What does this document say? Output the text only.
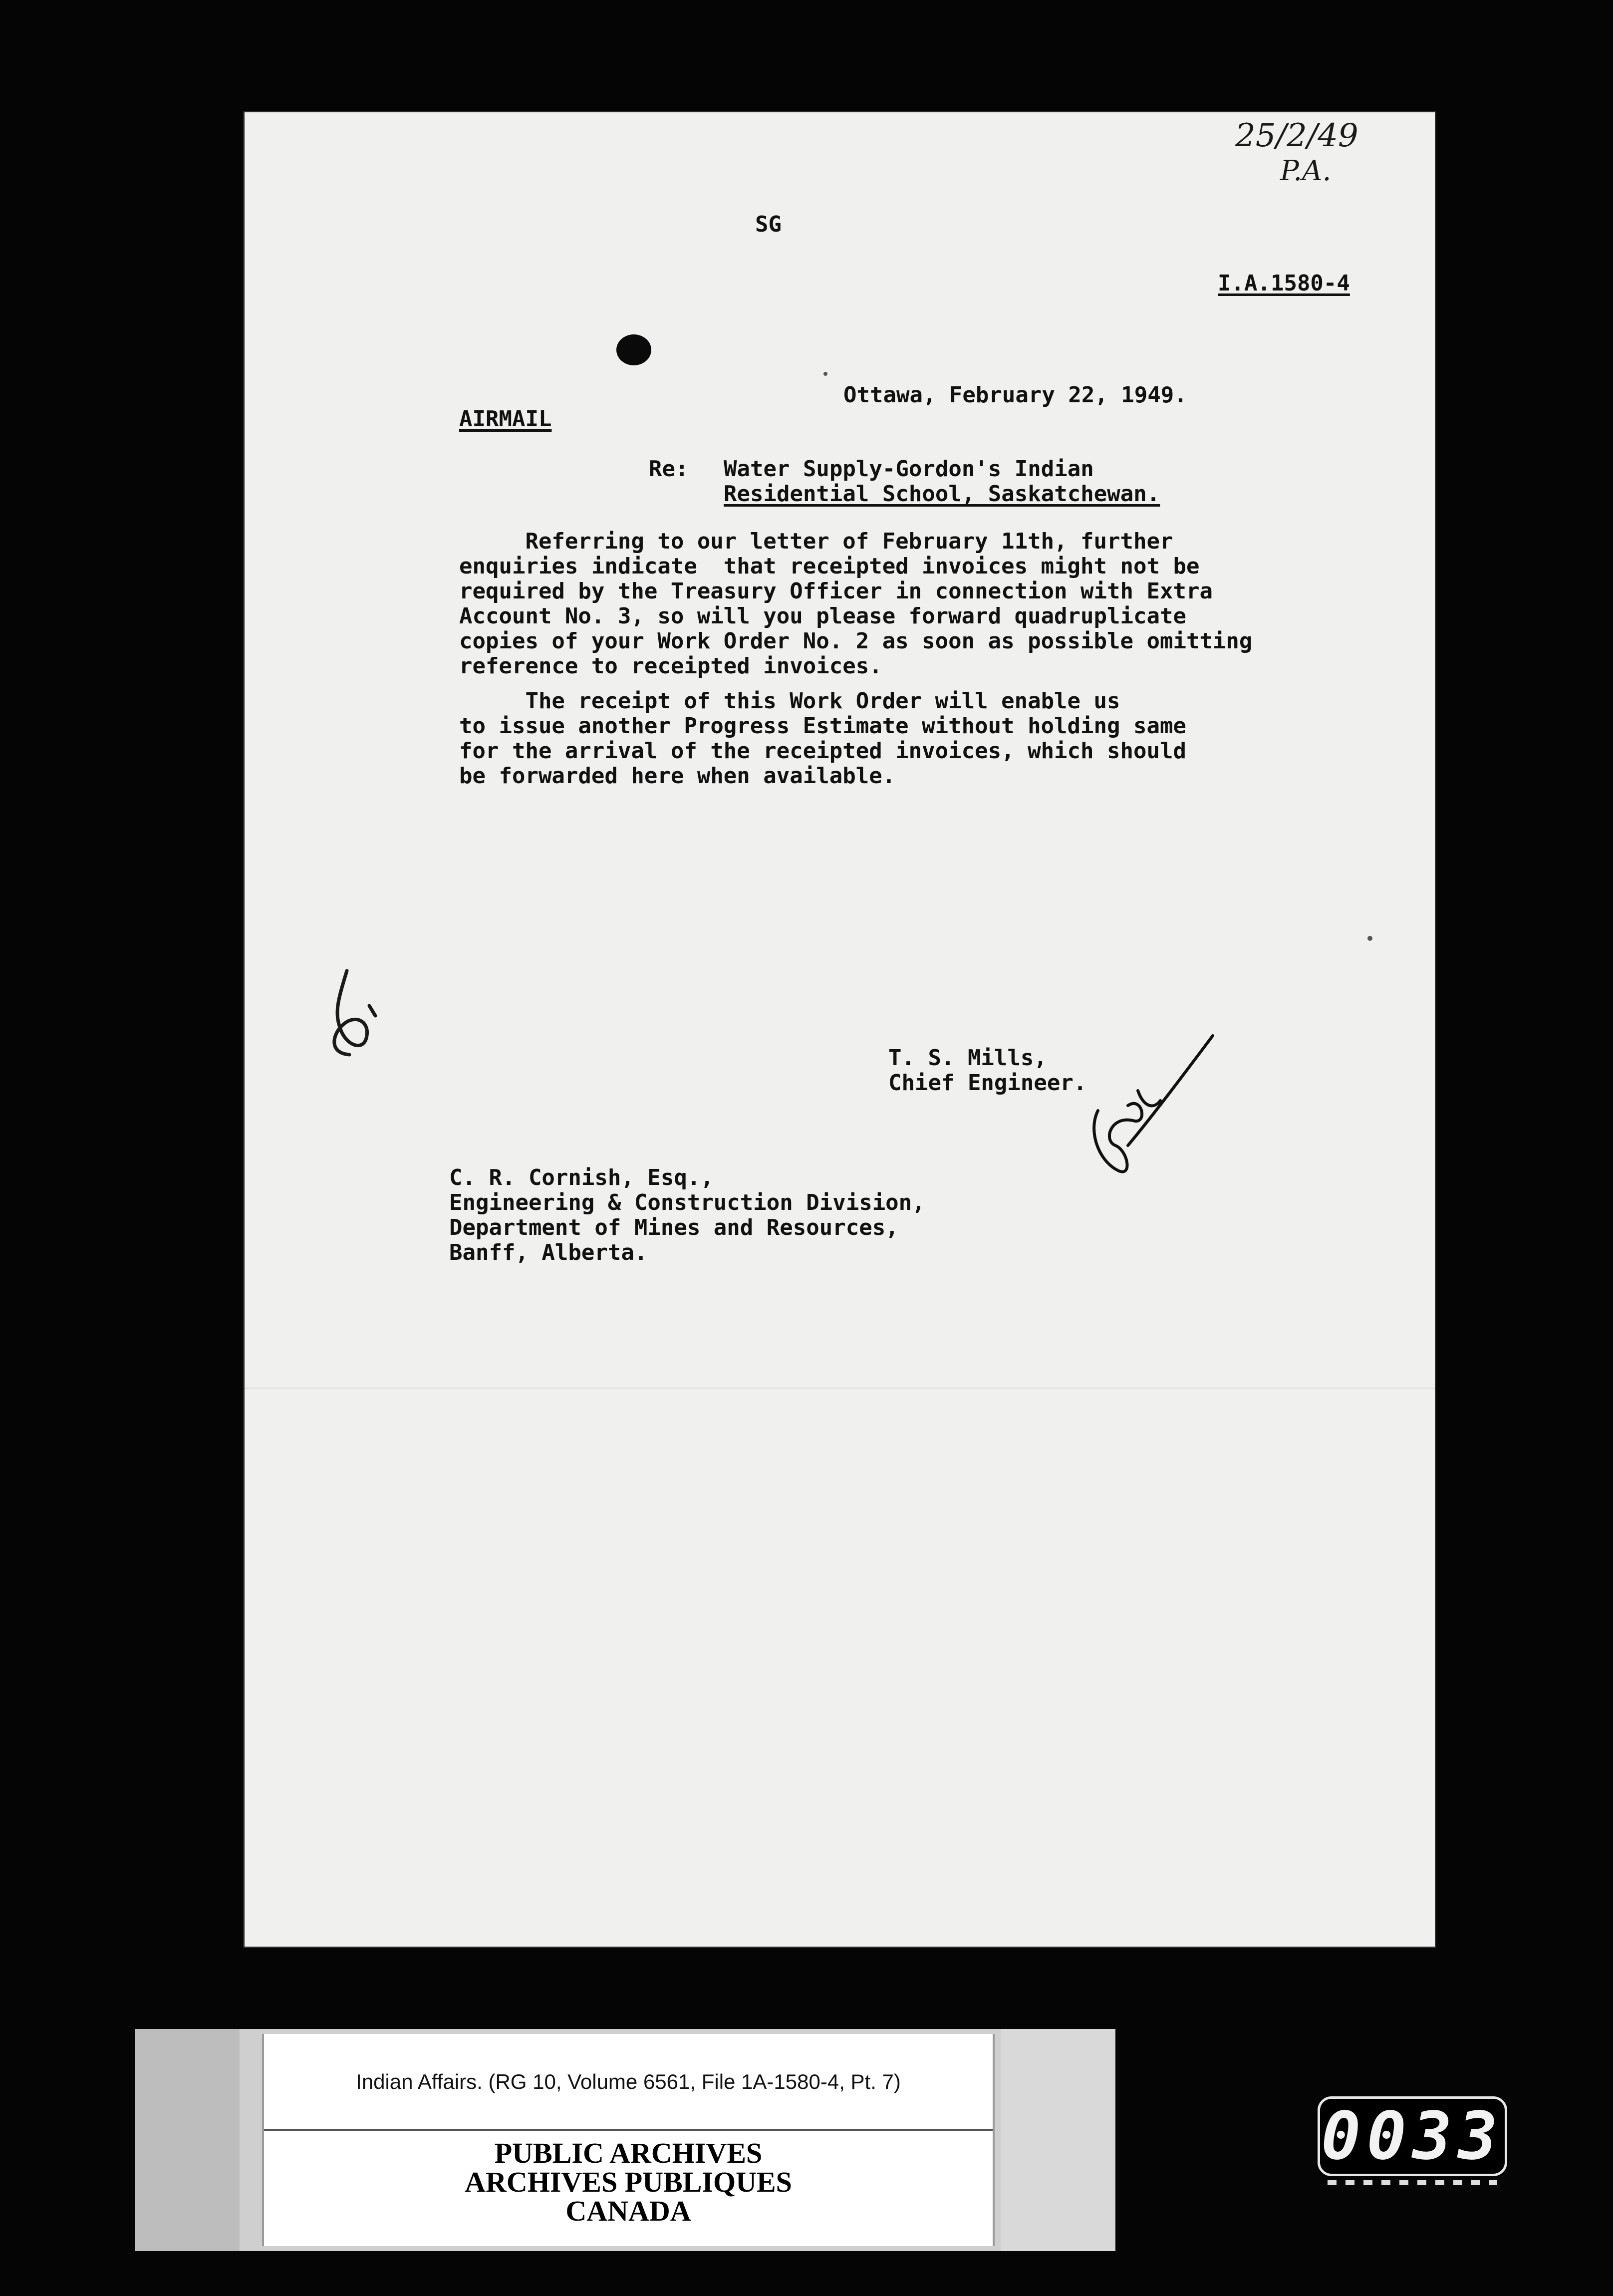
25/2/49
P.A.

SG

I.A.1580-4

Ottawa, February 22, 1949.

AIRMAIL

Re: Water Supply-Gordon's Indian

Residential School, Saskatchewan.

Referring to our letter of February 11th, further

enquiries indicate  that receipted invoices might not be

required by the Treasury Officer in connection with Extra

Account No. 3, so will you please forward quadruplicate

copies of your Work Order No. 2 as soon as possible omitting

reference to receipted invoices.

The receipt of this Work Order will enable us

to issue another Progress Estimate without holding same

for the arrival of the receipted invoices, which should

be forwarded here when available.

T. S. Mills,

Chief Engineer.

C. R. Cornish, Esq.,

Engineering & Construction Division,

Department of Mines and Resources,

Banff, Alberta.

Indian Affairs. (RG 10, Volume 6561, File 1A-1580-4, Pt. 7)
PUBLIC ARCHIVES
ARCHIVES PUBLIQUES
CANADA
0033
